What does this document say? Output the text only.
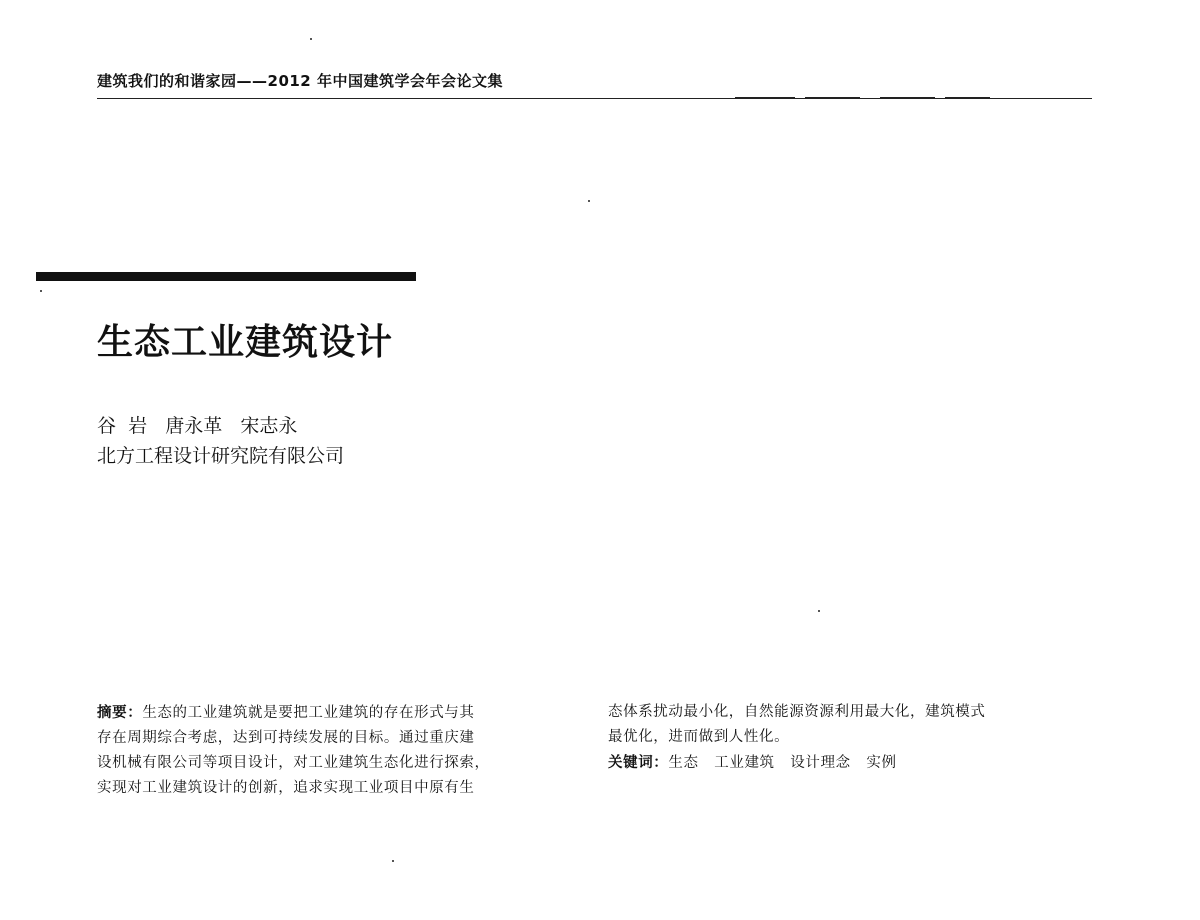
建筑我们的和谐家园——2012 年中国建筑学会年会论文集
生态工业建筑设计
谷  岩   唐永革   宋志永
北方工程设计研究院有限公司
摘要：生态的工业建筑就是要把工业建筑的存在形式与其
存在周期综合考虑，达到可持续发展的目标。通过重庆建
设机械有限公司等项目设计，对工业建筑生态化进行探索，
实现对工业建筑设计的创新，追求实现工业项目中原有生
态体系扰动最小化，自然能源资源利用最大化，建筑模式
最优化，进而做到人性化。
关键词：生态 工业建筑 设计理念 实例
